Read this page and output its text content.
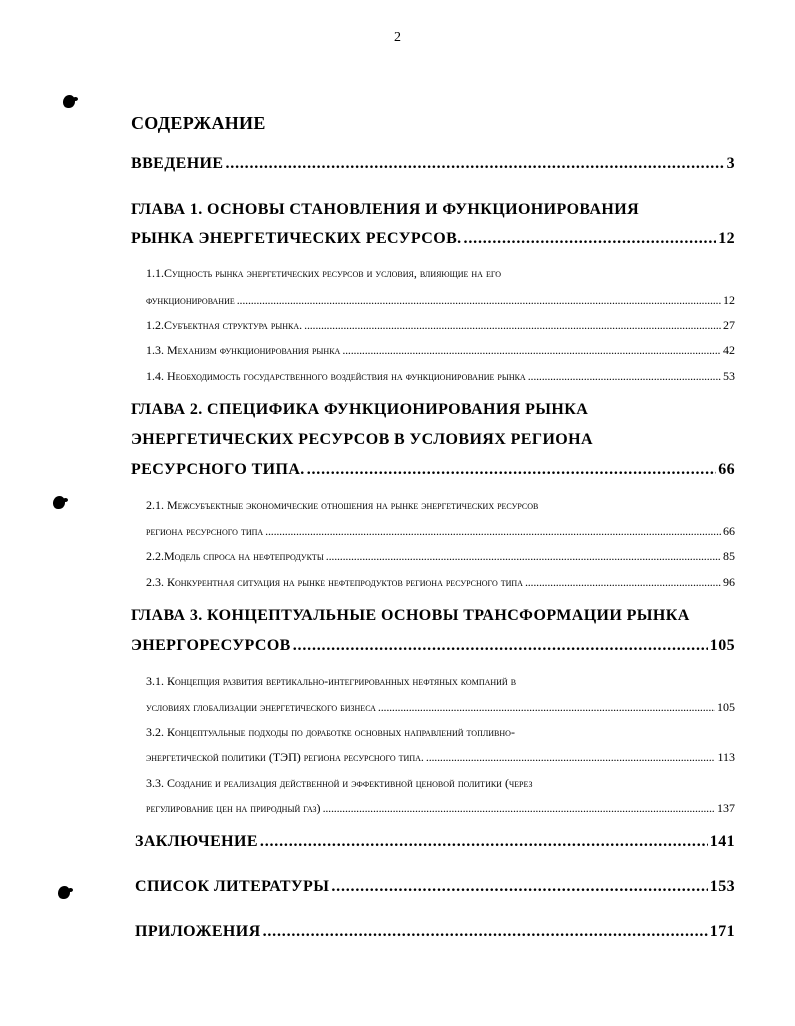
2
СОДЕРЖАНИЕ
ВВЕДЕНИЕ . . .	3
ГЛАВА 1. ОСНОВЫ СТАНОВЛЕНИЯ И ФУНКЦИОНИРОВАНИЯ
РЫНКА ЭНЕРГЕТИЧЕСКИХ РЕСУРСОВ. . . .	12
1.1.Сущность рынка энергетических ресурсов и условия, влияющие на его
функционирование . . .	12
1.2.Субъектная структура рынка. . . .	27
1.3. Механизм функционирования рынка . . .	42
1.4. Необходимость государственного воздействия на функционирование рынка . . .	53
ГЛАВА 2. СПЕЦИФИКА ФУНКЦИОНИРОВАНИЯ РЫНКА
ЭНЕРГЕТИЧЕСКИХ РЕСУРСОВ В УСЛОВИЯХ РЕГИОНА
РЕСУРСНОГО ТИПА. . . .	66
2.1. Межсубъектные экономические отношения на рынке энергетических ресурсов
региона ресурсного типа . . .	66
2.2.Модель спроса на нефтепродукты . . .	85
2.3. Конкурентная ситуация на рынке нефтепродуктов региона ресурсного типа . . .	96
ГЛАВА 3. КОНЦЕПТУАЛЬНЫЕ ОСНОВЫ ТРАНСФОРМАЦИИ РЫНКА
ЭНЕРГОРЕСУРСОВ . . .	105
3.1. Концепция развития вертикально-интегрированных нефтяных компаний в
условиях глобализации энергетического бизнеса . . .	105
3.2. Концептуальные подходы по доработке основных направлений топливно-
энергетической политики (ТЭП) региона ресурсного типа. . . .	113
3.3. Создание и реализация действенной и эффективной ценовой политики (через
регулирование цен на природный газ) . . .	137
ЗАКЛЮЧЕНИЕ . . .	141
СПИСОК ЛИТЕРАТУРЫ . . .	153
ПРИЛОЖЕНИЯ . . .	171
